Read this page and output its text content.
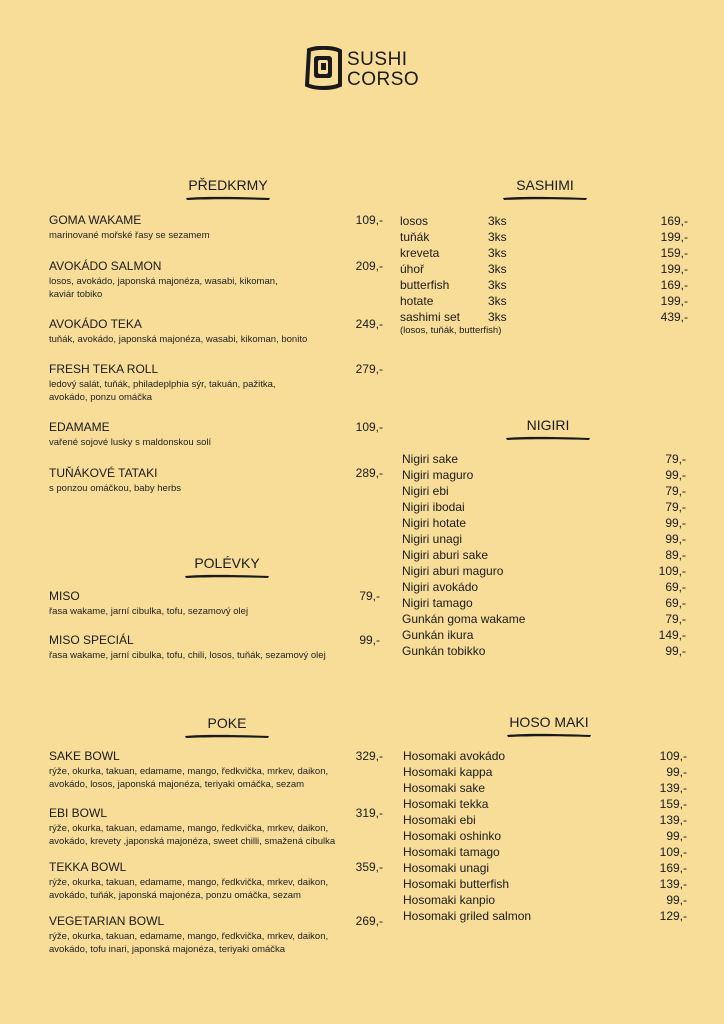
SUSHI
CORSO
PŘEDKRMY
POLÉVKY
POKE
SASHIMI
NIGIRI
HOSO MAKI
GOMA WAKAME	109,-
marinované mořské řasy se sezamem
AVOKÁDO SALMON	209,-
losos, avokádo, japonská majonéza, wasabi, kikoman,
kaviár tobiko
AVOKÁDO TEKA	249,-
tuňák, avokádo, japonská majonéza, wasabi, kikoman, bonito
FRESH TEKA ROLL	279,-
ledový salát, tuňák, philadeplphia sýr, takuán, pažitka,
avokádo, ponzu omáčka
EDAMAME	109,-
vařené sojové lusky s maldonskou solí
TUŇÁKOVÉ TATAKI	289,-
s ponzou omáčkou, baby herbs
MISO	79,-
řasa wakame, jarní cibulka, tofu, sezamový olej
MISO SPECIÁL	99,-
řasa wakame, jarní cibulka, tofu, chili, losos, tuňák, sezamový olej
SAKE BOWL	329,-
rýže, okurka, takuan, edamame, mango, ředkvička, mrkev, daikon,
avokádo, losos, japonská majonéza, teriyaki omáčka, sezam
EBI BOWL	319,-
rýže, okurka, takuan, edamame, mango, ředkvička, mrkev, daikon,
avokádo, krevety ,japonská majonéza, sweet chilli, smažená cibulka
TEKKA BOWL	359,-
rýže, okurka, takuan, edamame, mango, ředkvička, mrkev, daikon,
avokádo, tuňák, japonská majonéza, ponzu omáčka, sezam
VEGETARIAN BOWL	269,-
rýže, okurka, takuan, edamame, mango, ředkvička, mrkev, daikon,
avokádo, tofu inari, japonská majonéza, teriyaki omáčka
losos	3ks	169,-
tuňák	3ks	199,-
kreveta	3ks	159,-
úhoř	3ks	199,-
butterfish	3ks	169,-
hotate	3ks	199,-
sashimi set 3ks	439,-
(losos, tuňák, butterfish)
Nigiri sake	79,-
Nigiri maguro	99,-
Nigiri ebi	79,-
Nigiri ibodai	79,-
Nigiri hotate	99,-
Nigiri unagi	99,-
Nigiri aburi sake	89,-
Nigiri aburi maguro	109,-
Nigiri avokádo	69,-
Nigiri tamago	69,-
Gunkán goma wakame	79,-
Gunkán ikura	149,-
Gunkán tobikko	99,-
Hosomaki avokádo	109,-
Hosomaki kappa	99,-
Hosomaki sake	139,-
Hosomaki tekka	159,-
Hosomaki ebi	139,-
Hosomaki oshinko	99,-
Hosomaki tamago	109,-
Hosomaki unagi	169,-
Hosomaki butterfish	139,-
Hosomaki kanpio	99,-
Hosomaki griled salmon	129,-
